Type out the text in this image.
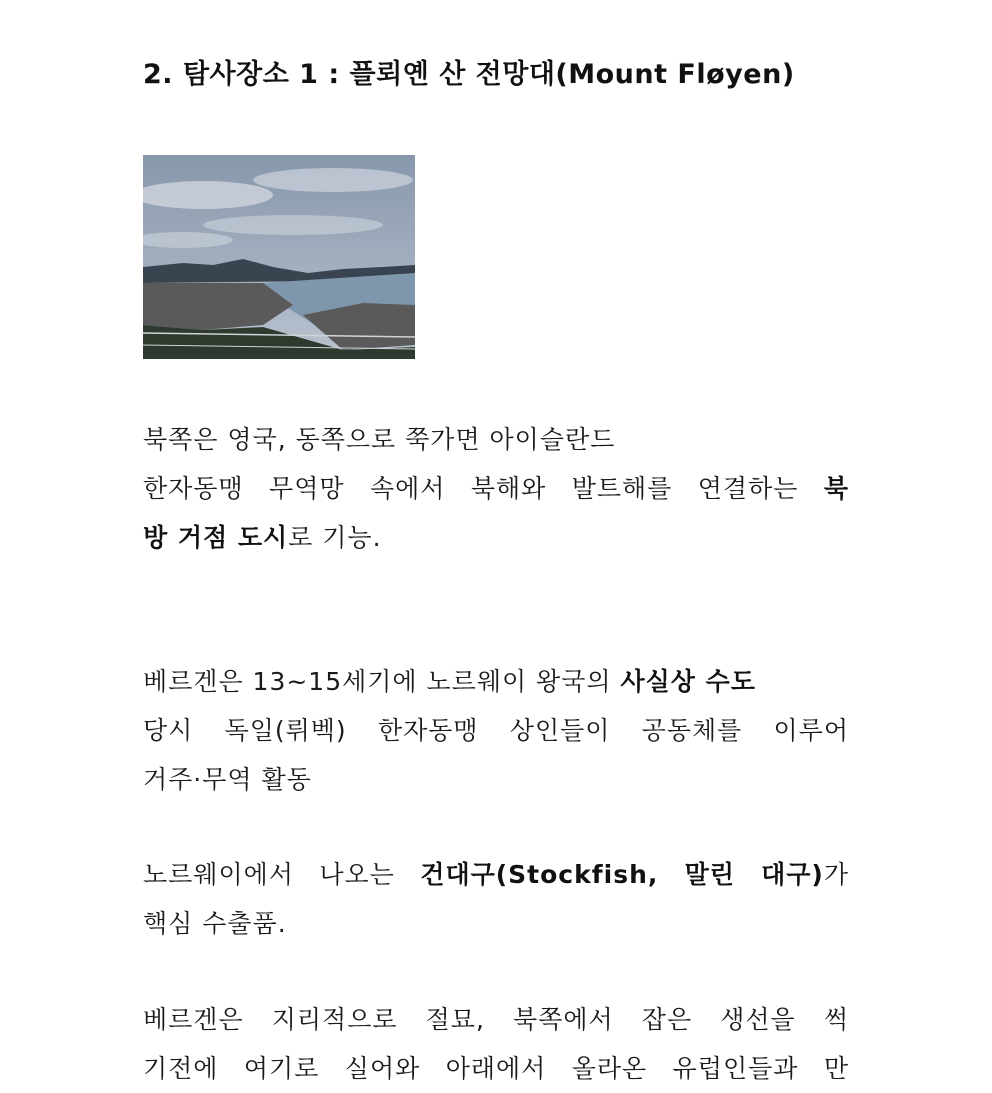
2. 탐사장소 1 : 플뢰옌 산 전망대(Mount Fløyen)
북쪽은 영국, 동쪽으로 쭉가면 아이슬란드
한자동맹 무역망 속에서 북해와 발트해를 연결하는 북
방 거점 도시로 기능.
베르겐은 13~15세기에 노르웨이 왕국의 사실상 수도
당시 독일(뤼벡) 한자동맹 상인들이 공동체를 이루어
거주·무역 활동
노르웨이에서 나오는 건대구(Stockfish, 말린 대구)가
핵심 수출품.
베르겐은 지리적으로 절묘, 북쪽에서 잡은 생선을 썩
기전에 여기로 실어와 아래에서 올라온 유럽인들과 만
